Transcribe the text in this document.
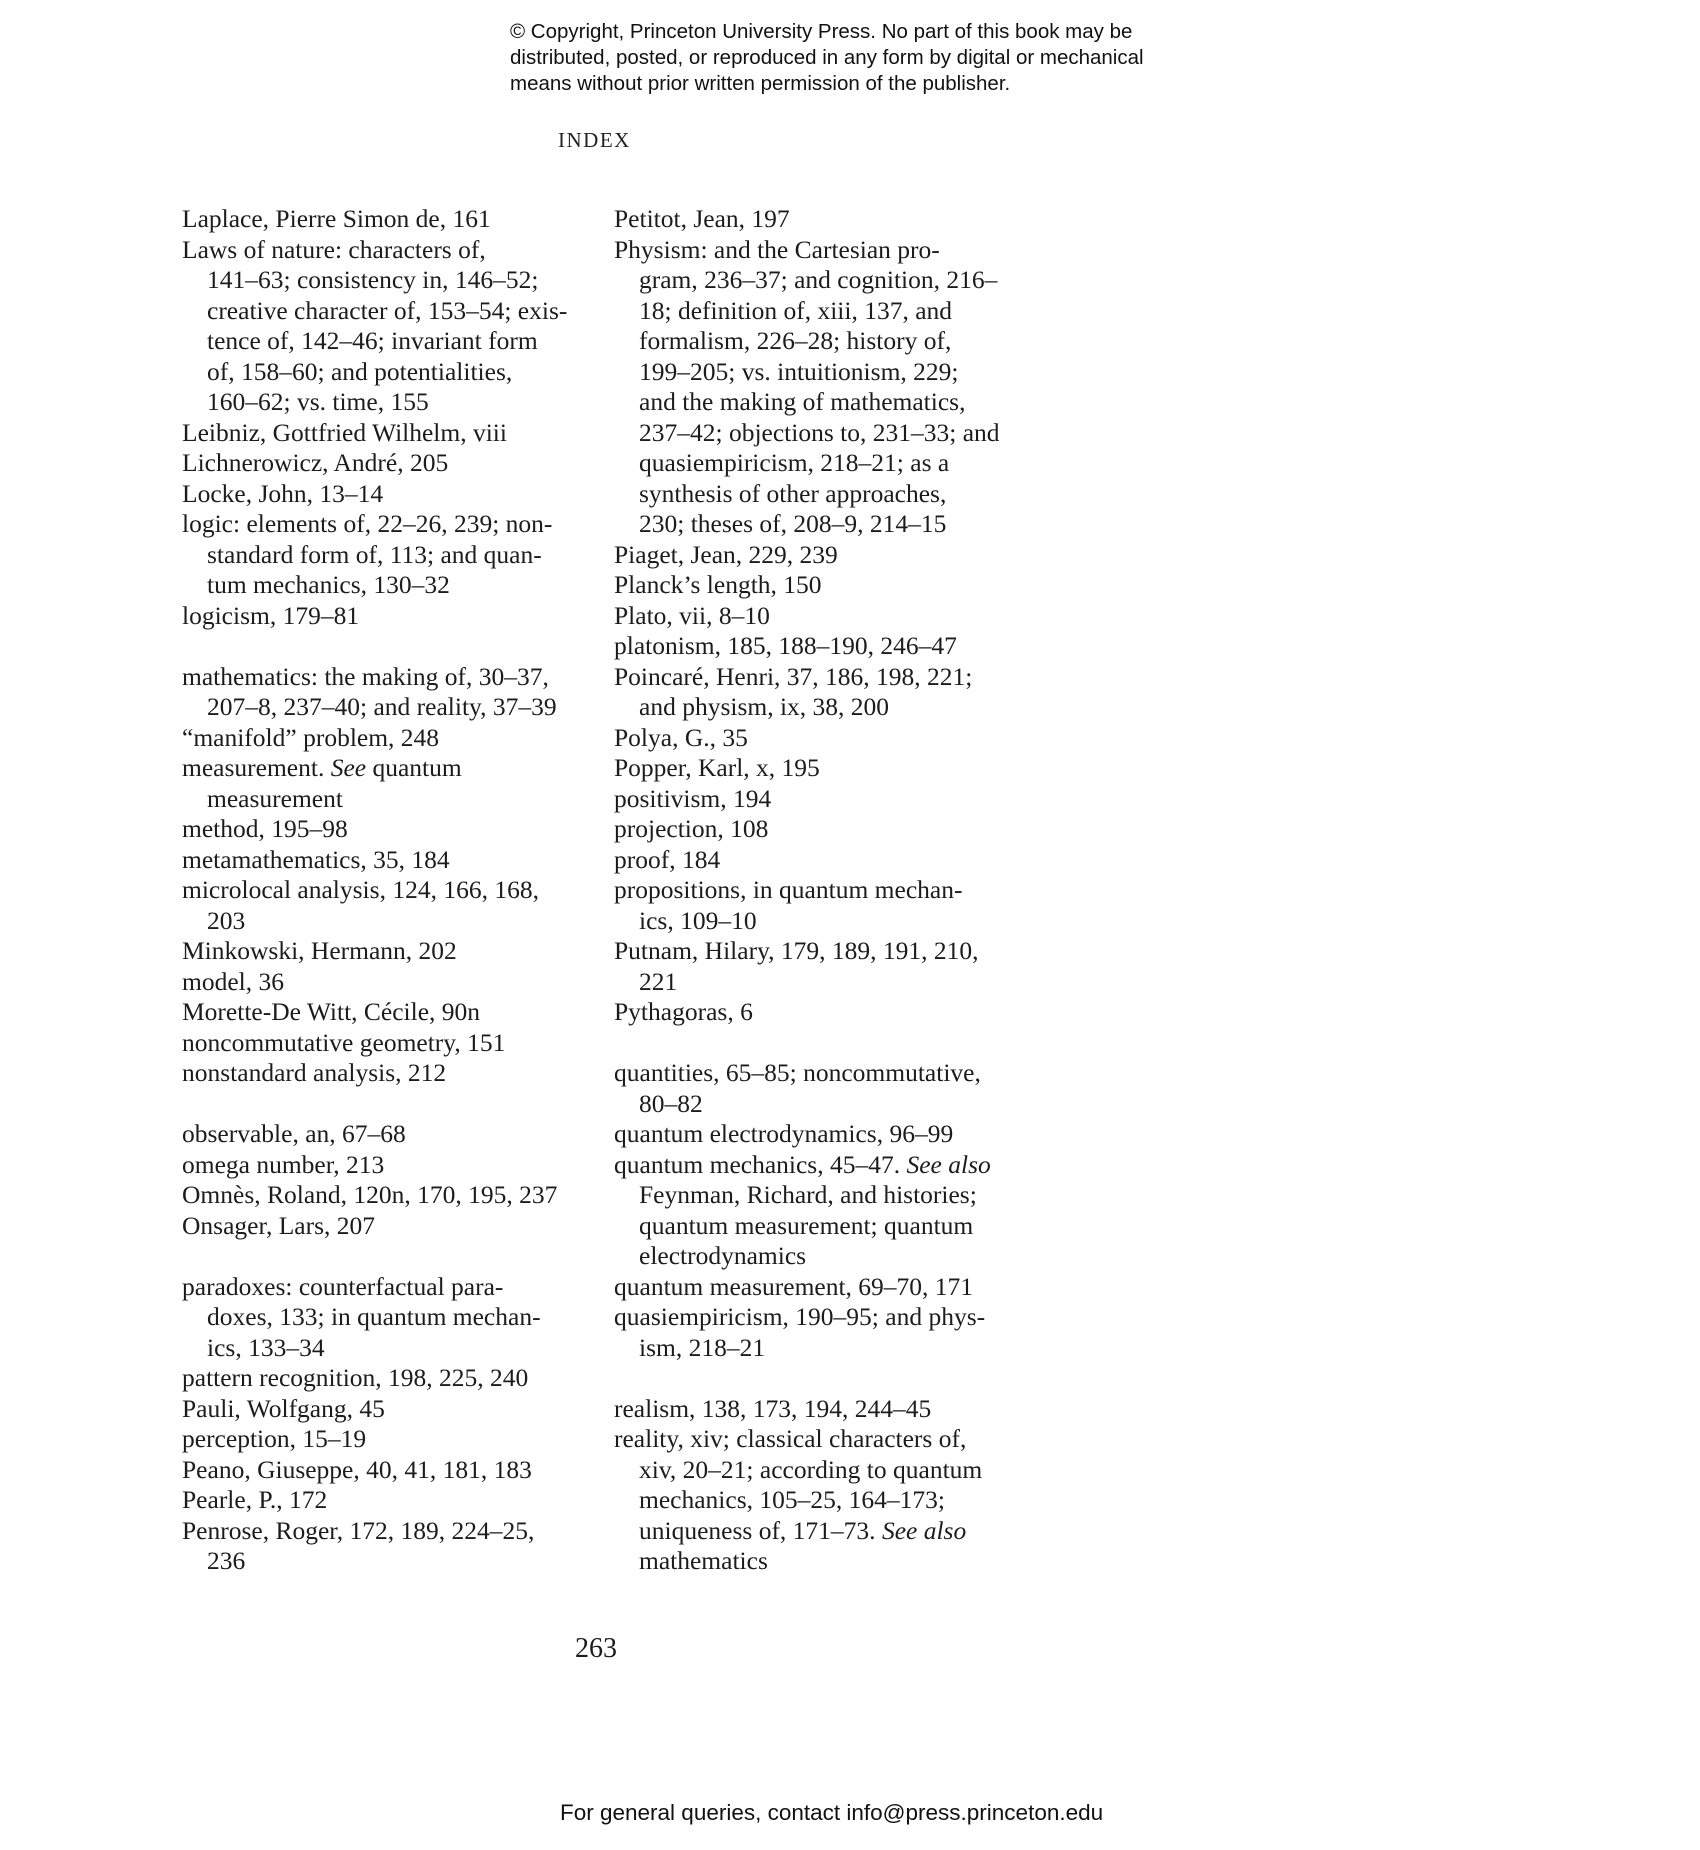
© Copyright, Princeton University Press. No part of this book may be
distributed, posted, or reproduced in any form by digital or mechanical
means without prior written permission of the publisher.
INDEX
Laplace, Pierre Simon de, 161
Laws of nature: characters of,
141–63; consistency in, 146–52;
creative character of, 153–54; exis-
tence of, 142–46; invariant form
of, 158–60; and potentialities,
160–62; vs. time, 155
Leibniz, Gottfried Wilhelm, viii
Lichnerowicz, André, 205
Locke, John, 13–14
logic: elements of, 22–26, 239; non-
standard form of, 113; and quan-
tum mechanics, 130–32
logicism, 179–81
mathematics: the making of, 30–37,
207–8, 237–40; and reality, 37–39
“manifold” problem, 248
measurement. See quantum
measurement
method, 195–98
metamathematics, 35, 184
microlocal analysis, 124, 166, 168,
203
Minkowski, Hermann, 202
model, 36
Morette-De Witt, Cécile, 90n
noncommutative geometry, 151
nonstandard analysis, 212
observable, an, 67–68
omega number, 213
Omnès, Roland, 120n, 170, 195, 237
Onsager, Lars, 207
paradoxes: counterfactual para-
doxes, 133; in quantum mechan-
ics, 133–34
pattern recognition, 198, 225, 240
Pauli, Wolfgang, 45
perception, 15–19
Peano, Giuseppe, 40, 41, 181, 183
Pearle, P., 172
Penrose, Roger, 172, 189, 224–25,
236
Petitot, Jean, 197
Physism: and the Cartesian pro-
gram, 236–37; and cognition, 216–
18; definition of, xiii, 137, and
formalism, 226–28; history of,
199–205; vs. intuitionism, 229;
and the making of mathematics,
237–42; objections to, 231–33; and
quasiempiricism, 218–21; as a
synthesis of other approaches,
230; theses of, 208–9, 214–15
Piaget, Jean, 229, 239
Planck’s length, 150
Plato, vii, 8–10
platonism, 185, 188–190, 246–47
Poincaré, Henri, 37, 186, 198, 221;
and physism, ix, 38, 200
Polya, G., 35
Popper, Karl, x, 195
positivism, 194
projection, 108
proof, 184
propositions, in quantum mechan-
ics, 109–10
Putnam, Hilary, 179, 189, 191, 210,
221
Pythagoras, 6
quantities, 65–85; noncommutative,
80–82
quantum electrodynamics, 96–99
quantum mechanics, 45–47. See also
Feynman, Richard, and histories;
quantum measurement; quantum
electrodynamics
quantum measurement, 69–70, 171
quasiempiricism, 190–95; and phys-
ism, 218–21
realism, 138, 173, 194, 244–45
reality, xiv; classical characters of,
xiv, 20–21; according to quantum
mechanics, 105–25, 164–173;
uniqueness of, 171–73. See also
mathematics
263
For general queries, contact info@press.princeton.edu
